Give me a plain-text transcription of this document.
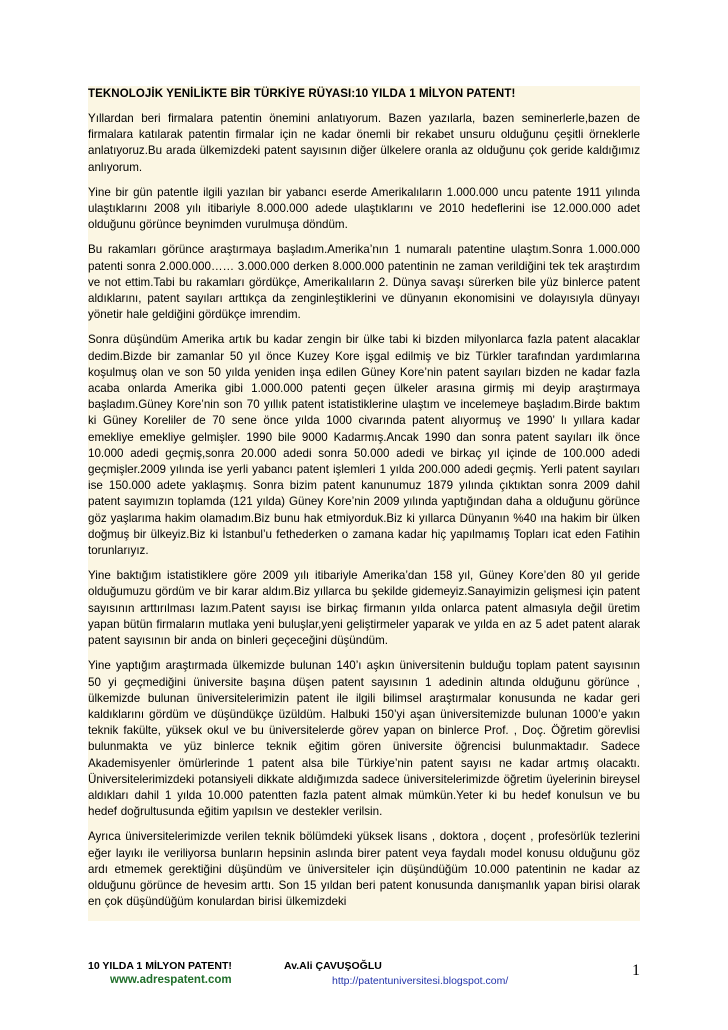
TEKNOLOJİK YENİLİKTE BİR TÜRKİYE RÜYASI:10 YILDA 1 MİLYON PATENT!

Yıllardan beri firmalara patentin önemini anlatıyorum. Bazen yazılarla, bazen seminerlerle,bazen de firmalara katılarak patentin firmalar için ne kadar önemli bir rekabet unsuru olduğunu çeşitli örneklerle anlatıyoruz.Bu arada ülkemizdeki patent sayısının diğer ülkelere oranla az olduğunu çok geride kaldığımız anlıyorum.

Yine bir gün patentle ilgili yazılan bir yabancı eserde Amerikalıların 1.000.000 uncu patente 1911 yılında ulaştıklarını 2008 yılı itibariyle 8.000.000 adede ulaştıklarını ve 2010 hedeflerini ise 12.000.000 adet olduğunu görünce beynimden vurulmuşa döndüm.

Bu rakamları görünce araştırmaya başladım.Amerika’nın 1 numaralı patentine ulaştım.Sonra 1.000.000 patenti sonra 2.000.000…… 3.000.000 derken 8.000.000 patentinin ne zaman verildiğini tek tek araştırdım ve not ettim.Tabi bu rakamları gördükçe, Amerikalıların 2. Dünya savaşı sürerken bile yüz binlerce patent aldıklarını, patent sayıları arttıkça da zenginleştiklerini ve dünyanın ekonomisini ve dolayısıyla dünyayı yönetir hale geldiğini gördükçe imrendim.

Sonra düşündüm Amerika artık bu kadar zengin bir ülke tabi ki bizden milyonlarca fazla patent alacaklar dedim.Bizde bir zamanlar 50 yıl önce Kuzey Kore işgal edilmiş ve biz Türkler tarafından yardımlarına koşulmuş olan ve son 50 yılda yeniden inşa edilen Güney Kore’nin patent sayıları bizden ne kadar fazla acaba onlarda Amerika gibi 1.000.000 patenti geçen ülkeler arasına girmiş mi deyip araştırmaya başladım.Güney Kore’nin son 70 yıllık patent istatistiklerine ulaştım ve incelemeye başladım.Birde baktım ki Güney Koreliler de 70 sene önce yılda 1000 civarında patent alıyormuş ve 1990’ lı yıllara kadar emekliye emekliye gelmişler. 1990 bile 9000 Kadarmış.Ancak 1990 dan sonra patent sayıları ilk önce 10.000 adedi geçmiş,sonra 20.000 adedi sonra 50.000 adedi ve birkaç yıl içinde de 100.000 adedi geçmişler.2009 yılında ise yerli yabancı patent işlemleri 1 yılda 200.000 adedi geçmiş. Yerli patent sayıları ise 150.000 adete yaklaşmış. Sonra bizim patent kanunumuz 1879 yılında çıktıktan sonra 2009 dahil patent sayımızın toplamda (121 yılda) Güney Kore’nin 2009 yılında yaptığından daha a olduğunu görünce göz yaşlarıma hakim olamadım.Biz bunu hak etmiyorduk.Biz ki yıllarca Dünyanın %40 ına hakim bir ülken doğmuş bir ülkeyiz.Biz ki İstanbul’u fethederken o zamana kadar hiç yapılmamış Topları icat eden Fatihin torunlarıyız.

Yine baktığım istatistiklere göre 2009 yılı itibariyle Amerika’dan 158 yıl, Güney Kore’den 80 yıl geride olduğumuzu gördüm ve bir karar aldım.Biz yıllarca bu şekilde gidemeyiz.Sanayimizin gelişmesi için patent sayısının arttırılması lazım.Patent sayısı ise birkaç firmanın yılda onlarca patent almasıyla değil üretim yapan bütün firmaların mutlaka yeni buluşlar,yeni geliştirmeler yaparak ve yılda en az 5 adet patent alarak patent sayısının bir anda on binleri geçeceğini düşündüm.

Yine yaptığım araştırmada ülkemizde bulunan 140’ı aşkın üniversitenin bulduğu toplam patent sayısının 50 yi geçmediğini üniversite başına düşen patent sayısının 1 adedinin altında olduğunu görünce , ülkemizde bulunan üniversitelerimizin patent ile ilgili bilimsel araştırmalar konusunda ne kadar geri kaldıklarını gördüm ve düşündükçe üzüldüm. Halbuki 150’yi aşan üniversitemizde bulunan 1000’e yakın teknik fakülte, yüksek okul ve bu üniversitelerde görev yapan on binlerce Prof. , Doç. Öğretim görevlisi bulunmakta ve yüz binlerce teknik eğitim gören üniversite öğrencisi bulunmaktadır. Sadece Akademisyenler ömürlerinde 1 patent alsa bile Türkiye’nin patent sayısı ne kadar artmış olacaktı. Üniversitelerimizdeki potansiyeli dikkate aldığımızda sadece üniversitelerimizde öğretim üyelerinin bireysel aldıkları dahil 1 yılda 10.000 patentten fazla patent almak mümkün.Yeter ki bu hedef konulsun ve bu hedef doğrultusunda eğitim yapılsın ve destekler verilsin.

Ayrıca üniversitelerimizde verilen teknik bölümdeki yüksek lisans , doktora , doçent , profesörlük tezlerini eğer layıkı ile veriliyorsa bunların hepsinin aslında birer patent veya faydalı model konusu olduğunu göz ardı etmemek gerektiğini düşündüm ve üniversiteler için düşündüğüm 10.000 patentinin ne kadar az olduğunu görünce de hevesim arttı. Son 15 yıldan beri patent konusunda danışmanlık yapan birisi olarak en çok düşündüğüm konulardan birisi ülkemizdeki

10 YILDA 1 MİLYON PATENT!
www.adrespatent.com
Av.Ali ÇAVUŞOĞLU
http://patentuniversitesi.blogspot.com/
1
